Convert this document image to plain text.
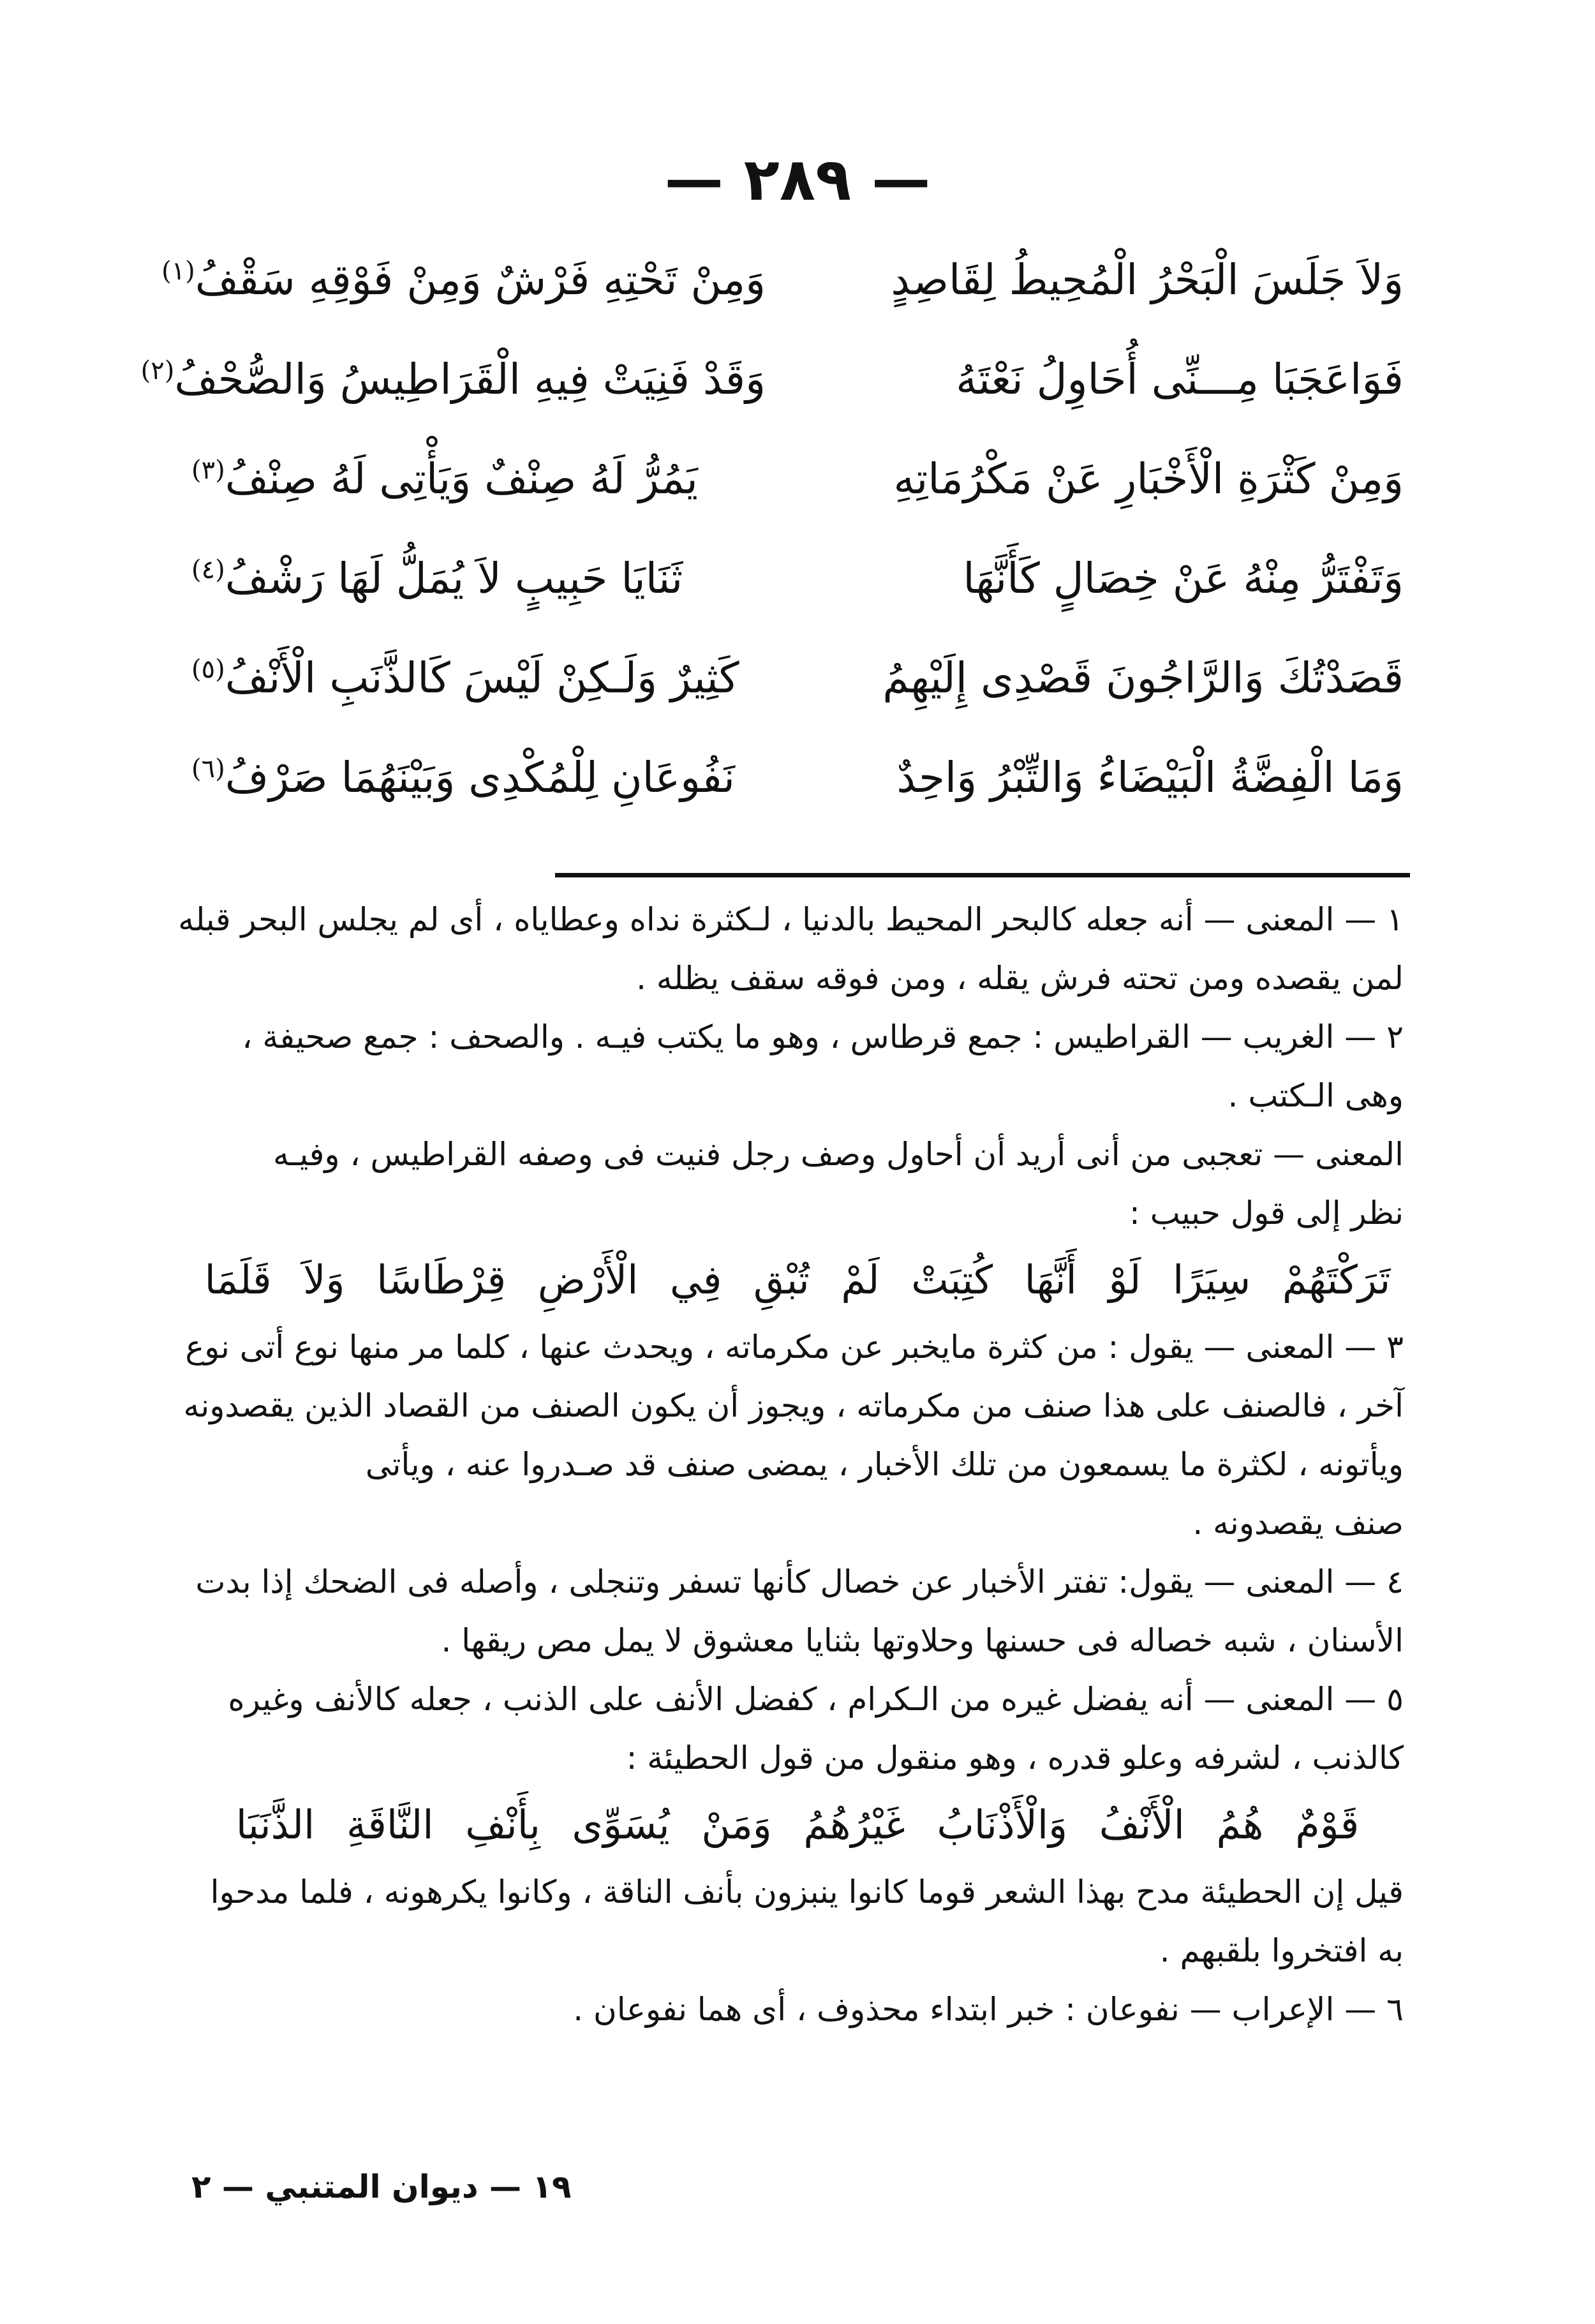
— ٢٨٩ —
وَلاَ جَلَسَ الْبَحْرُ الْمُحِيطُ لِقَاصِدٍ
وَمِنْ تَحْتِهِ فَرْشٌ وَمِنْ فَوْقِهِ سَقْفُ$^{(١)}$
فَوَاعَجَبَا مِـــنِّى أُحَاوِلُ نَعْتَهُ
وَقَدْ فَنِيَتْ فِيهِ الْقَرَاطِيسُ وَالصُّحْفُ$^{(٢)}$
وَمِنْ كَثْرَةِ الْأَخْبَارِ عَنْ مَكْرُمَاتِهِ
يَمُرُّ لَهُ صِنْفٌ وَيَأْتِى لَهُ صِنْفُ$^{(٣)}$
وَتَفْتَرُّ مِنْهُ عَنْ خِصَالٍ كَأَنَّهَا
ثَنَايَا حَبِيبٍ لاَ يُمَلُّ لَهَا رَشْفُ$^{(٤)}$
قَصَدْتُكَ وَالرَّاجُونَ قَصْدِى إِلَيْهِمُ
كَثِيرٌ وَلَـكِنْ لَيْسَ كَالذَّنَبِ الْأَنْفُ$^{(٥)}$
وَمَا الْفِضَّةُ الْبَيْضَاءُ وَالتِّبْرُ وَاحِدٌ
نَفُوعَانِ لِلْمُكْدِى وَبَيْنَهُمَا صَرْفُ$^{(٦)}$
١ — المعنى — أنه جعله كالبحر المحيط بالدنيا ، لـكثرة نداه وعطاياه ، أى لم يجلس البحر قبله
لمن يقصده ومن تحته فرش يقله ، ومن فوقه سقف يظله .
٢ — الغريب — القراطيس : جمع قرطاس ، وهو ما يكتب فيـه . والصحف : جمع صحيفة ،
وهى الـكتب .
المعنى — تعجبى من أنى أريد أن أحاول وصف رجل فنيت فى وصفه القراطيس ، وفيـه
نظر إلى قول حبيب :
تَرَكْتَهُمْ سِيَرًا لَوْ أَنَّهَا كُتِبَتْ لَمْ تُبْقِ فِي الْأَرْضِ قِرْطَاسًا وَلاَ قَلَمَا
٣ — المعنى — يقول : من كثرة مايخبر عن مكرماته ، ويحدث عنها ، كلما مر منها نوع أتى نوع
آخر ، فالصنف على هذا صنف من مكرماته ، ويجوز أن يكون الصنف من القصاد الذين يقصدونه
ويأتونه ، لكثرة ما يسمعون من تلك الأخبار ، يمضى صنف قد صـدروا عنه ، ويأتى
صنف يقصدونه .
٤ — المعنى — يقول: تفتر الأخبار عن خصال كأنها تسفر وتنجلى ، وأصله فى الضحك إذا بدت
الأسنان ، شبه خصاله فى حسنها وحلاوتها بثنايا معشوق لا يمل مص ريقها .
٥ — المعنى — أنه يفضل غيره من الـكرام ، كفضل الأنف على الذنب ، جعله كالأنف وغيره
كالذنب ، لشرفه وعلو قدره ، وهو منقول من قول الحطيئة :
قَوْمٌ هُمُ الْأَنْفُ وَالْأَذْنَابُ غَيْرُهُمُ وَمَنْ يُسَوِّى بِأَنْفِ النَّاقَةِ الذَّنَبَا
قيل إن الحطيئة مدح بهذا الشعر قوما كانوا ينبزون بأنف الناقة ، وكانوا يكرهونه ، فلما مدحوا
به افتخروا بلقبهم .
٦ — الإعراب — نفوعان : خبر ابتداء محذوف ، أى هما نفوعان .
١٩ — ديوان المتنبي — ٢
